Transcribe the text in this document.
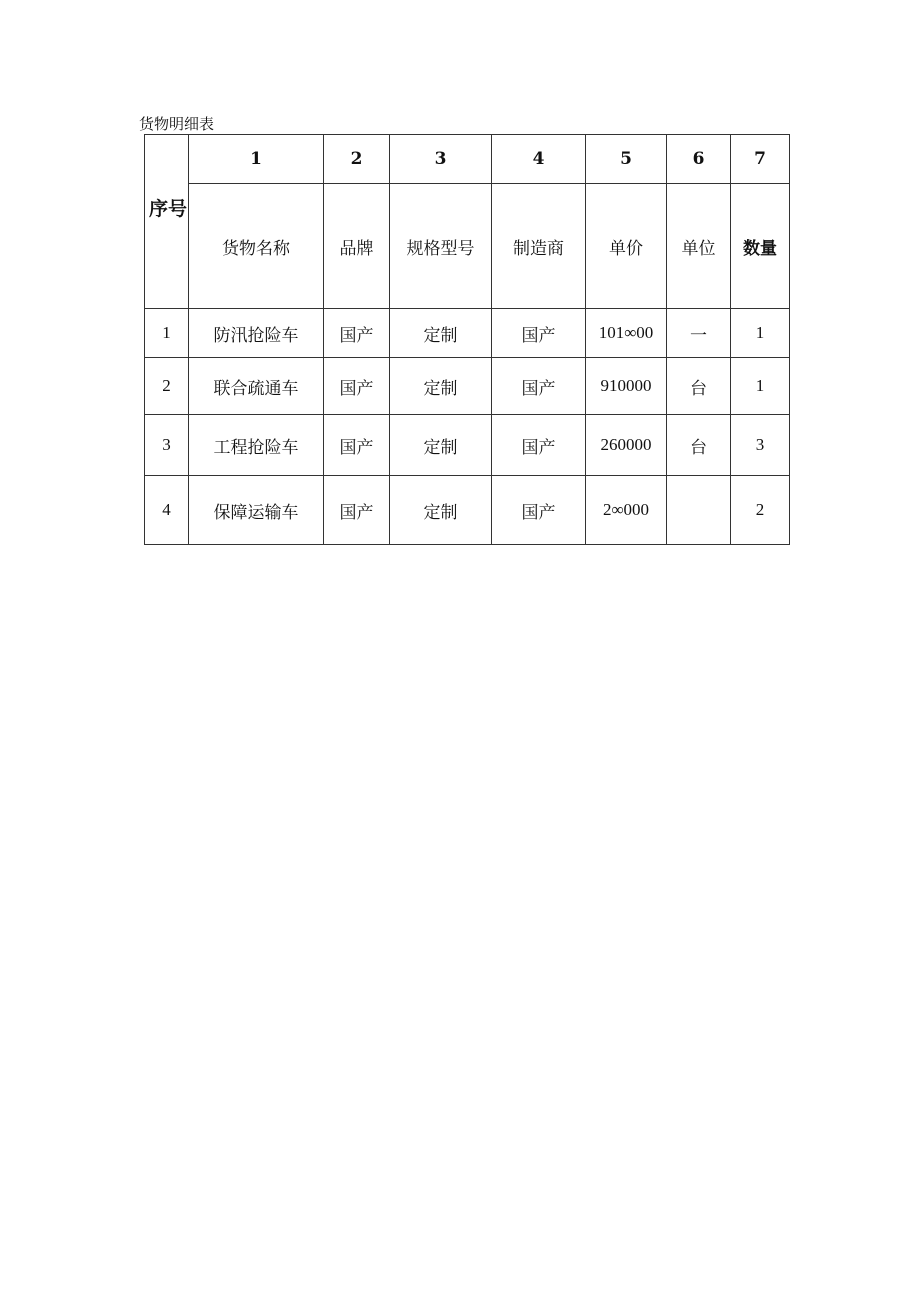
货物明细表
序号	1	2	3	4	5	6	7
	货物名称	品牌	规格型号	制造商	单价	单位	数量
1	防汛抢险车	国产	定制	国产	101∞00	一	1
2	联合疏通车	国产	定制	国产	910000	台	1
3	工程抢险车	国产	定制	国产	260000	台	3
4	保障运输车	国产	定制	国产	2∞000		2
